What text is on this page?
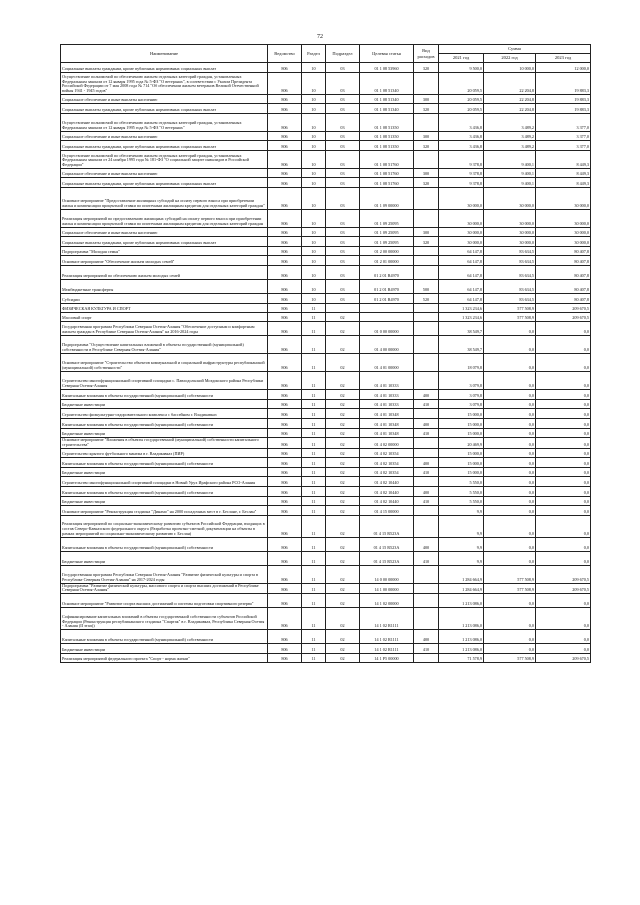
72
Наименование	Ведомство	Раздел	Подраздел	Целевая статья	Вид расходов	Сумма		
						2021 год	2022 год	2023 год
Социальные выплаты гражданам, кроме публичных нормативных социальных выплат	806	10	03	01 1 08 53960	320	9 500,0	10 000,0	12 000,0
Осуществление полномочий по обеспечению жильем отдельных категорий граждан, установленных Федеральным законом от 12 января 1995 года № 5-ФЗ "О ветеранах", в соответствии с Указом Президента Российской Федерации от 7 мая 2008 года № 714 "Об обеспечении жильем ветеранов Великой Отечественной войны 1941 - 1945 годов"	806	10	03	01 1 08 51340		20 059,5	22 204,8	19 883,3
Социальное обеспечение и иные выплаты населению	806	10	03	01 1 08 51340	300	20 059,5	22 204,8	19 883,3
Социальные выплаты гражданам, кроме публичных нормативных социальных выплат	806	10	03	01 1 08 51340	320	20 059,5	22 204,8	19 883,3
Осуществление полномочий по обеспечению жильем отдельных категорий граждан, установленных Федеральным законом от 12 января 1995 года № 5-ФЗ "О ветеранах"	806	10	03	01 1 08 51350		3 436,8	3 489,2	3 377,0
Социальное обеспечение и иные выплаты населению	806	10	03	01 1 08 51350	300	3 436,8	3 489,2	3 377,0
Социальные выплаты гражданам, кроме публичных нормативных социальных выплат	806	10	03	01 1 08 51350	320	3 436,8	3 489,2	3 377,0
Осуществление полномочий по обеспечению жильем отдельных категорий граждан, установленных Федеральным законом от 24 ноября 1995 года № 181-ФЗ "О социальной защите инвалидов в Российской Федерации"	806	10	03	01 1 08 51760		9 378,8	9 400,1	8 449,3
Социальное обеспечение и иные выплаты населению	806	10	03	01 1 08 51760	300	9 378,8	9 400,1	8 449,3
Социальные выплаты гражданам, кроме публичных нормативных социальных выплат	806	10	03	01 1 08 51760	320	9 378,8	9 400,1	8 449,3
Основное мероприятие "Предоставление жилищных субсидий на оплату первого взноса при приобретении жилья и компенсации процентной ставки по ипотечным жилищным кредитам для отдельных категорий граждан"	806	10	03	01 1 09 00000		30 000,0	30 000,0	30 000,0
Реализация мероприятий по предоставлению жилищных субсидий на оплату первого взноса при приобретении жилья и компенсации процентной ставки по ипотечным жилищным кредитам для отдельных категорий граждан	806	10	03	01 1 09 25095		30 000,0	30 000,0	30 000,0
Социальное обеспечение и иные выплаты населению	806	10	03	01 1 09 25095	300	30 000,0	30 000,0	30 000,0
Социальные выплаты гражданам, кроме публичных нормативных социальных выплат	806	10	03	01 1 09 25095	320	30 000,0	30 000,0	30 000,0
Подпрограмма "Молодая семья"	806	10	03	01 2 00 00000		64 147,8	83 634,5	80 407,8
Основное мероприятие "Обеспечение жильем молодых семей"	806	10	03	01 2 01 00000		64 147,8	83 634,5	80 407,8
Реализация мероприятий по обеспечению жильем молодых семей	806	10	03	01 2 01 R4970		64 147,8	83 634,5	80 407,8
Межбюджетные трансферты	806	10	03	01 2 01 R4970	500	64 147,8	83 634,5	80 407,8
Субсидии	806	10	03	01 2 01 R4970	520	64 147,8	83 634,5	80 407,8
ФИЗИЧЕСКАЯ КУЛЬТУРА И СПОРТ	806	11				1 323 234,6	577 508,9	209 670,5
Массовый спорт	806	11	02			1 323 234,6	577 508,9	209 670,5
Государственная программа Республики Северная Осетия-Алания "Обеспечение доступным и комфортным жильем граждан в Республике Северная Осетия-Алания" на 2016-2024 годы	806	11	02	01 0 00 00000		38 549,7	0,0	0,0
Подпрограмма "Осуществление капитальных вложений в объекты государственной (муниципальной) собственности в Республике Северная Осетия-Алания"	806	11	02	01 4 00 00000		38 549,7	0,0	0,0
Основное мероприятие "Строительство объектов коммунальной и социальной инфраструктуры республиканской (муниципальной) собственности"	806	11	02	01 4 01 00000		18 079,8	0,0	0,0
Строительство многофункциональной спортивной площадки с. Павлодольский Моздокского района Республики Северная Осетия-Алания	806	11	02	01 4 01 10333		3 079,8	0,0	0,0
Капитальные вложения в объекты государственной (муниципальной) собственности	806	11	02	01 4 01 10333	400	3 079,8	0,0	0,0
Бюджетные инвестиции	806	11	02	01 4 01 10333	410	3 079,8	0,0	0,0
Строительство физкультурно-оздоровительного комплекса с бассейном г. Владикавказ	806	11	02	01 4 01 10348		15 000,0	0,0	0,0
Капитальные вложения в объекты государственной (муниципальной) собственности	806	11	02	01 4 01 10348	400	15 000,0	0,0	0,0
Бюджетные инвестиции	806	11	02	01 4 01 10348	410	15 000,0	0,0	0,0
Основное мероприятие "Вложения в объекты государственной (муниципальной) собственности капитального строительства"	806	11	02	01 4 02 00000		20 469,9	0,0	0,0
Строительство крытого футбольного манежа в г. Владикавказ (ПИР)	806	11	02	01 4 02 10354		15 000,0	0,0	0,0
Капитальные вложения в объекты государственной (муниципальной) собственности	806	11	02	01 4 02 10354	400	15 000,0	0,0	0,0
Бюджетные инвестиции	806	11	02	01 4 02 10354	410	15 000,0	0,0	0,0
Строительство многофункциональной спортивной площадки в Новый Урух Ирафского района РСО-Алания	806	11	02	01 4 02 10440		5 550,0	0,0	0,0
Капитальные вложения в объекты государственной (муниципальной) собственности	806	11	02	01 4 02 10440	400	5 550,0	0,0	0,0
Бюджетные инвестиции	806	11	02	01 4 02 10440	410	5 550,0	0,0	0,0
Основное мероприятие "Реконструкция стадиона "Динамо" на 2000 посадочных мест в г. Беслане, г. Беслан"	806	11	02	01 4 15 00000		9,9	0,0	0,0
Реализация мероприятий по социально-экономическому развитию субъектов Российской Федерации, входящих в состав Северо-Кавказского федерального округа (Разработка проектно-сметной документации на объекты в рамках мероприятий по социально-экономическому развитию г. Беслан)	806	11	02	01 4 15 R523A		9,9	0,0	0,0
Капитальные вложения в объекты государственной (муниципальной) собственности	806	11	02	01 4 15 R523A	400	9,9	0,0	0,0
Бюджетные инвестиции	806	11	02	01 4 15 R523A	410	9,9	0,0	0,0
Государственная программа Республики Северная Осетия-Алания "Развитие физической культуры и спорта в Республике Северная Осетия-Алания" на 2017-2024 годы	806	11	02	14 0 00 00000		1 284 664,9	577 508,9	209 670,5
Подпрограмма "Развитие физической культуры, массового спорта и спорта высших достижений в Республике Северная Осетия-Алания"	806	11	02	14 1 00 00000		1 284 664,9	577 508,9	209 670,5
Основное мероприятие "Развитие спорта высших достижений и системы подготовки спортивного резерва"	806	11	02	14 1 02 00000		1 213 086,0	0,0	0,0
Софинансирование капитальных вложений в объекты государственной собственности субъектов Российской Федерации (Реконструкция республиканского стадиона "Спартак" в г. Владикавказ, Республика Северная Осетия - Алания (II этап))	806	11	02	14 1 02 R1111		1 213 086,0	0,0	0,0
Капитальные вложения в объекты государственной (муниципальной) собственности	806	11	02	14 1 02 R1111	400	1 213 086,0	0,0	0,0
Бюджетные инвестиции	806	11	02	14 1 02 R1111	410	1 213 086,0	0,0	0,0
Реализация мероприятий федерального проекта "Спорт - норма жизни"	806	11	02	14 1 P5 00000		71 578,9	577 508,9	209 670,5
